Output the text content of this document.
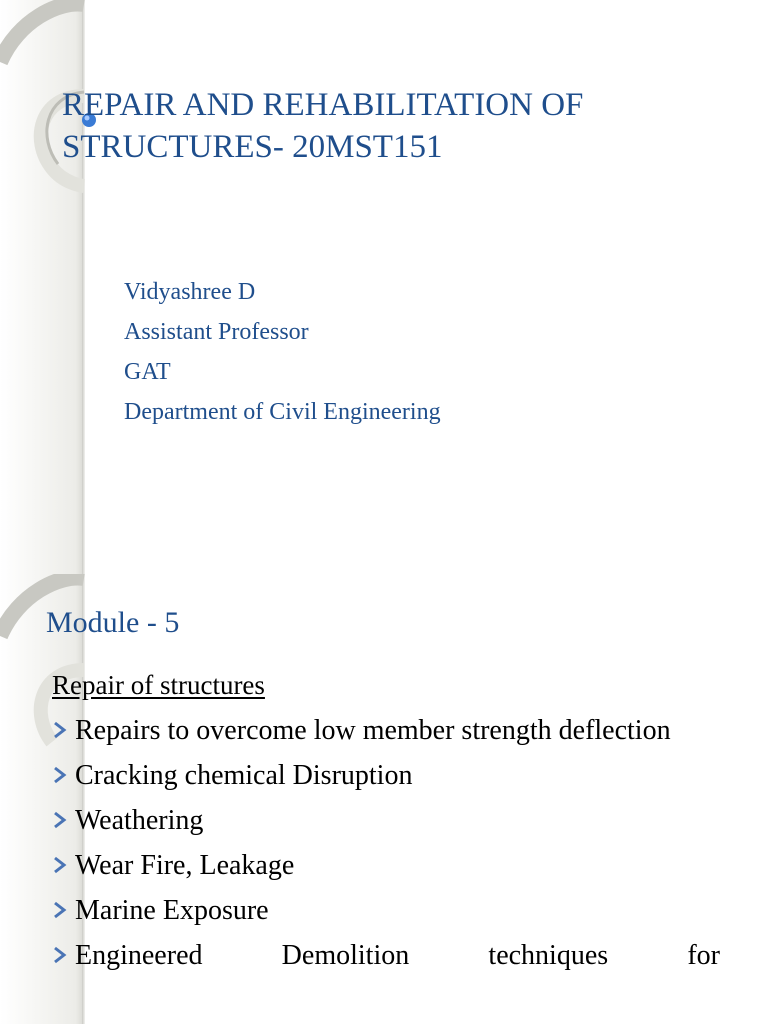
REPAIR AND REHABILITATION OF STRUCTURES- 20MST151
Vidyashree D
Assistant Professor
GAT
Department of Civil Engineering
Module - 5
Repair of structures
Repairs to overcome low member strength deflection
Cracking chemical Disruption
Weathering
Wear Fire, Leakage
Marine Exposure
Engineered Demolition techniques for
